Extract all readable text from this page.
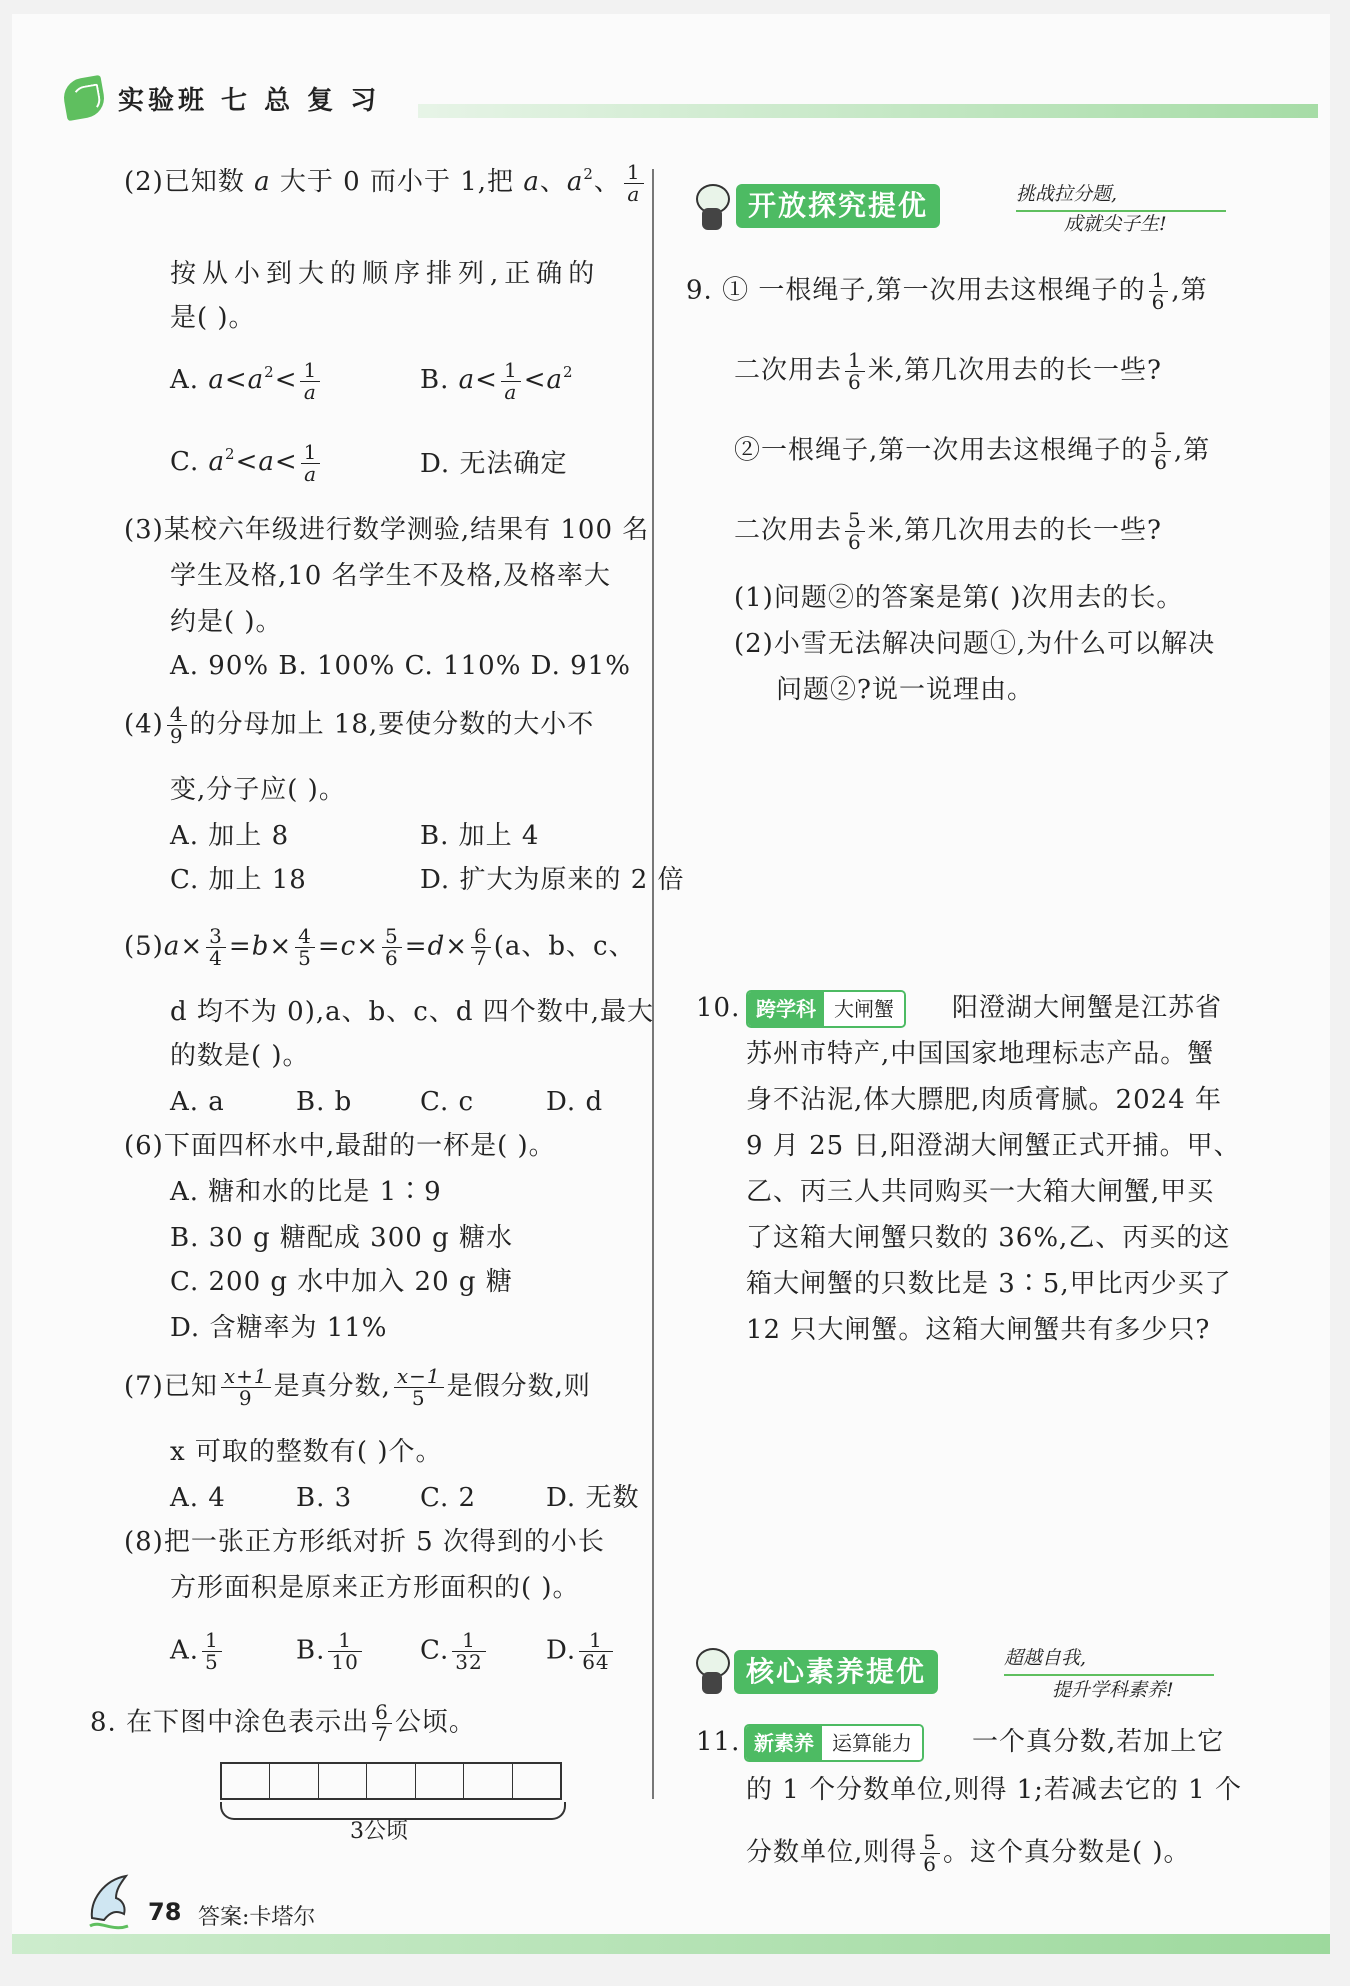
实验班 七 总 复 习
(2)已知数 a 大于 0 而小于 1,把 a、$a^2$、 $\frac{1}{a}$
按从小到大的顺序排列,正确的
是( )。
A. $a<a^2< \frac{1}{a}$	B. $a< \frac{1}{a} <a^2$
C. $a^2<a< \frac{1}{a}$	D. 无法确定
(3)某校六年级进行数学测验,结果有 100 名
学生及格,10 名学生不及格,及格率大
约是( )。
A. 90% B. 100% C. 110% D. 91%
$(4) \frac{4}{9}$ 的分母加上 18,要使分数的大小不
变,分子应( )。
A. 加上 8	B. 加上 4
C. 加上 18	D. 扩大为原来的 2 倍
$(5)a\times \frac{3}{4} =b\times \frac{4}{5} =c\times \frac{5}{6} =d\times \frac{6}{7} (a$、b、c、
d 均不为 0),a、b、c、d 四个数中,最大
的数是( )。
A. a	B. b	C. c	D. d
(6)下面四杯水中,最甜的一杯是( )。
A. 糖和水的比是 1∶9
B. 30 g 糖配成 300 g 糖水
C. 200 g 水中加入 20 g 糖
D. 含糖率为 11%
(7)已知 $\frac{x+1}{9}$ 是真分数, $\frac{x-1}{5}$ 是假分数,则
x 可取的整数有( )个。
A. 4	B. 3	C. 2	D. 无数
(8)把一张正方形纸对折 5 次得到的小长
方形面积是原来正方形面积的( )。
A. $\frac{1}{5}$	B. $\frac{1}{10} C$. $\frac{1}{32} D$. $\frac{1}{64}$
8. 在下图中涂色表示出 $\frac{6}{7}$ 公顷。
3公顷
开放探究提优	挑战拉分题,
成就尖子生!
9. ① 一根绳子,第一次用去这根绳子的 $\frac{1}{6}$ ,第
二次用去 $\frac{1}{6}$ 米,第几次用去的长一些?
②一根绳子,第一次用去这根绳子的 $\frac{5}{6}$ ,第
二次用去 $\frac{5}{6}$ 米,第几次用去的长一些?
(1)问题②的答案是第( )次用去的长。
(2)小雪无法解决问题①,为什么可以解决
问题②?说一说理由。
10. 跨学科 大闸蟹	阳澄湖大闸蟹是江苏省
苏州市特产,中国国家地理标志产品。蟹
身不沾泥,体大膘肥,肉质膏腻。2024 年
9 月 25 日,阳澄湖大闸蟹正式开捕。甲、
乙、丙三人共同购买一大箱大闸蟹,甲买
了这箱大闸蟹只数的 36%,乙、丙买的这
箱大闸蟹的只数比是 3∶5,甲比丙少买了
12 只大闸蟹。这箱大闸蟹共有多少只?
核心素养提优	超越自我,
提升学科素养!
11. 新素养 运算能力	一个真分数,若加上它
的 1 个分数单位,则得 1;若减去它的 1 个
分数单位,则得 $\frac{5}{6}$ 。这个真分数是( )。
78 答案:卡塔尔
